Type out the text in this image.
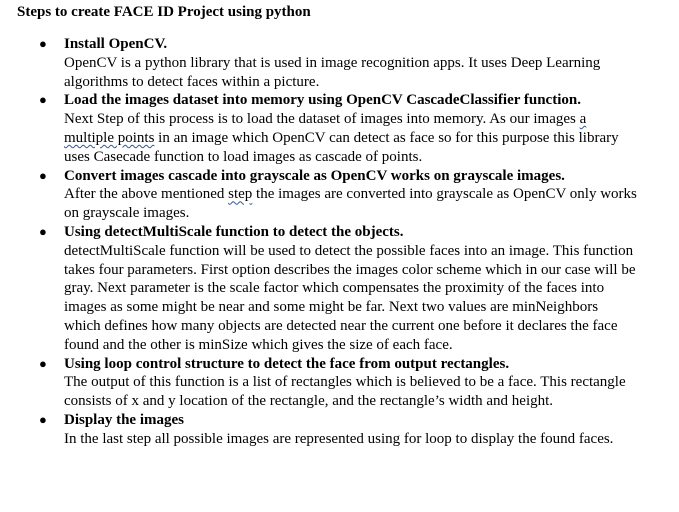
Steps to create FACE ID Project using python
● Install OpenCV.
OpenCV is a python library that is used in image recognition apps. It uses Deep Learning algorithms to detect faces within a picture.
● Load the images dataset into memory using OpenCV CascadeClassifier function.
Next Step of this process is to load the dataset of images into memory. As our images a multiple points in an image which OpenCV can detect as face so for this purpose this library uses Casecade function to load images as cascade of points.
● Convert images cascade into grayscale as OpenCV works on grayscale images.
After the above mentioned step the images are converted into grayscale as OpenCV only works on grayscale images.
● Using detectMultiScale function to detect the objects.
detectMultiScale function will be used to detect the possible faces into an image. This function takes four parameters. First option describes the images color scheme which in our case will be gray. Next parameter is the scale factor which compensates the proximity of the faces into images as some might be near and some might be far. Next two values are minNeighbors which defines how many objects are detected near the current one before it declares the face found and the other is minSize which gives the size of each face.
● Using loop control structure to detect the face from output rectangles.
The output of this function is a list of rectangles which is believed to be a face. This rectangle consists of x and y location of the rectangle, and the rectangle’s width and height.
● Display the images
In the last step all possible images are represented using for loop to display the found faces.
